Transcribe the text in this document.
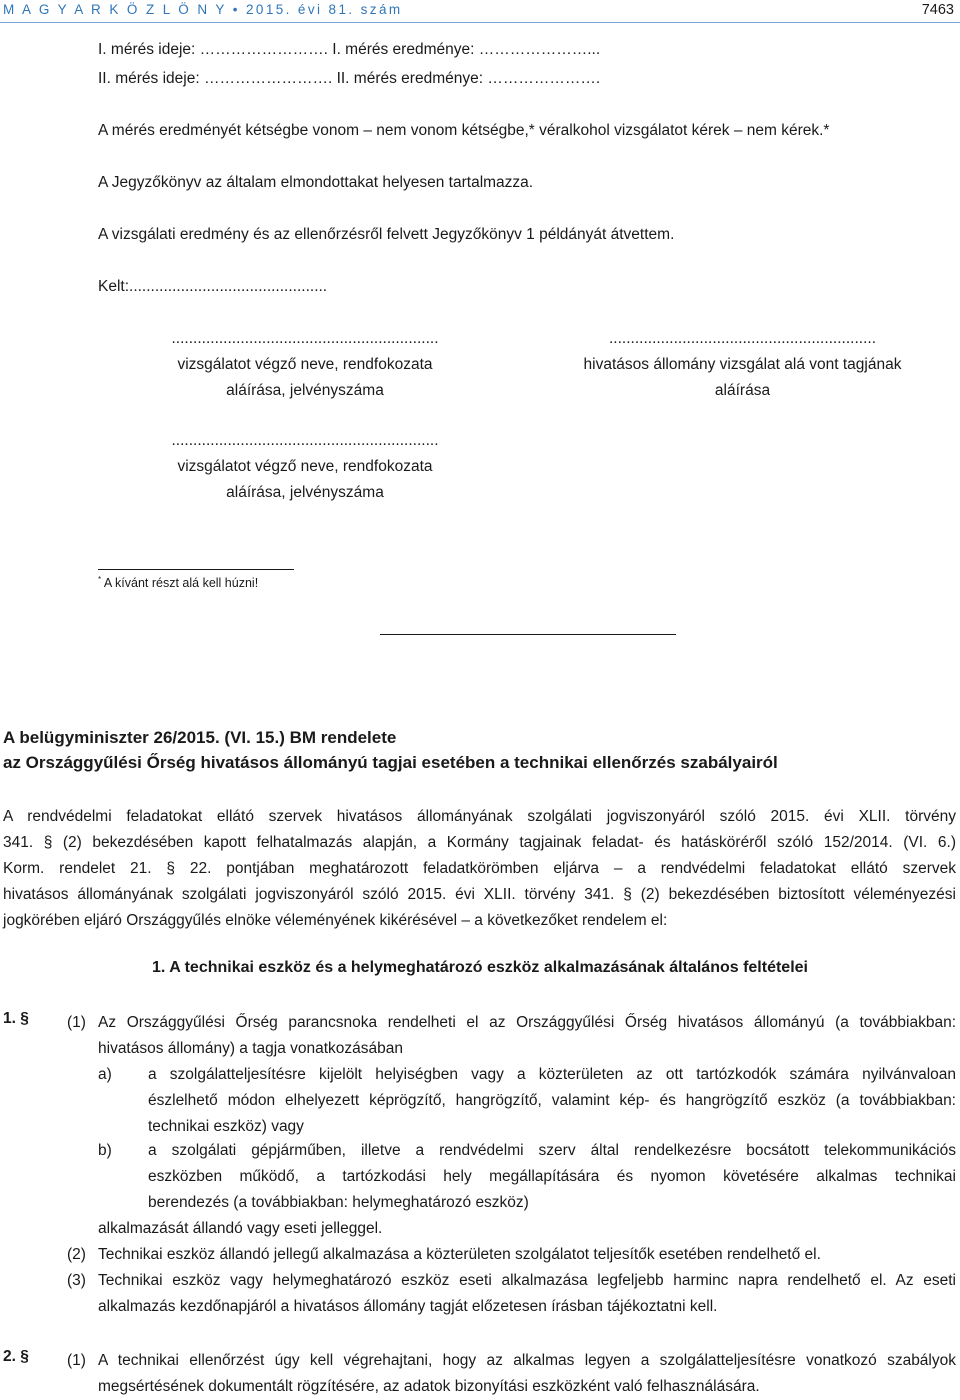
M A G Y A R K Ö Z L Ö N Y • 2015. évi 81. szám	7463
I. mérés ideje: ……………………. I. mérés eredménye: …………………...
II. mérés ideje: ……………………. II. mérés eredménye: ………………….
A mérés eredményét kétségbe vonom – nem vonom kétségbe,* véralkohol vizsgálatot kérek – nem kérek.*
A Jegyzőkönyv az általam elmondottakat helyesen tartalmazza.
A vizsgálati eredmény és az ellenőrzésről felvett Jegyzőkönyv 1 példányát átvettem.
Kelt:..............................................
..............................................................
vizsgálatot végző neve, rendfokozata
aláírása, jelvényszáma
..............................................................
hivatásos állomány vizsgálat alá vont tagjának
aláírása
..............................................................
vizsgálatot végző neve, rendfokozata
aláírása, jelvényszáma
* A kívánt részt alá kell húzni!
A belügyminiszter 26/2015. (VI. 15.) BM rendelete
az Országgyűlési Őrség hivatásos állományú tagjai esetében a technikai ellenőrzés szabályairól
A rendvédelmi feladatokat ellátó szervek hivatásos állományának szolgálati jogviszonyáról szóló 2015. évi XLII. törvény
341. § (2) bekezdésében kapott felhatalmazás alapján, a Kormány tagjainak feladat- és hatásköréről szóló 152/2014. (VI. 6.)
Korm. rendelet 21. § 22. pontjában meghatározott feladatkörömben eljárva – a rendvédelmi feladatokat ellátó szervek
hivatásos állományának szolgálati jogviszonyáról szóló 2015. évi XLII. törvény 341. § (2) bekezdésében biztosított véleményezési
jogkörében eljáró Országgyűlés elnöke véleményének kikérésével – a következőket rendelem el:
1. A technikai eszköz és a helymeghatározó eszköz alkalmazásának általános feltételei
1. § (1) Az Országgyűlési Őrség parancsnoka rendelheti el az Országgyűlési Őrség hivatásos állományú (a továbbiakban:
hivatásos állomány) a tagja vonatkozásában
a) a szolgálatteljesítésre kijelölt helyiségben vagy a közterületen az ott tartózkodók számára nyilvánvaloan
észlelhető módon elhelyezett képrögzítő, hangrögzítő, valamint kép- és hangrögzítő eszköz (a továbbiakban:
technikai eszköz) vagy
b) a szolgálati gépjárműben, illetve a rendvédelmi szerv által rendelkezésre bocsátott telekommunikációs
eszközben működő, a tartózkodási hely megállapítására és nyomon követésére alkalmas technikai
berendezés (a továbbiakban: helymeghatározó eszköz)
alkalmazását állandó vagy eseti jelleggel.
(2) Technikai eszköz állandó jellegű alkalmazása a közterületen szolgálatot teljesítők esetében rendelhető el.
(3) Technikai eszköz vagy helymeghatározó eszköz eseti alkalmazása legfeljebb harminc napra rendelhető el. Az eseti
alkalmazás kezdőnapjáról a hivatásos állomány tagját előzetesen írásban tájékoztatni kell.
2. § (1) A technikai ellenőrzést úgy kell végrehajtani, hogy az alkalmas legyen a szolgálatteljesítésre vonatkozó szabályok
megsértésének dokumentált rögzítésére, az adatok bizonyítási eszközként való felhasználására.
